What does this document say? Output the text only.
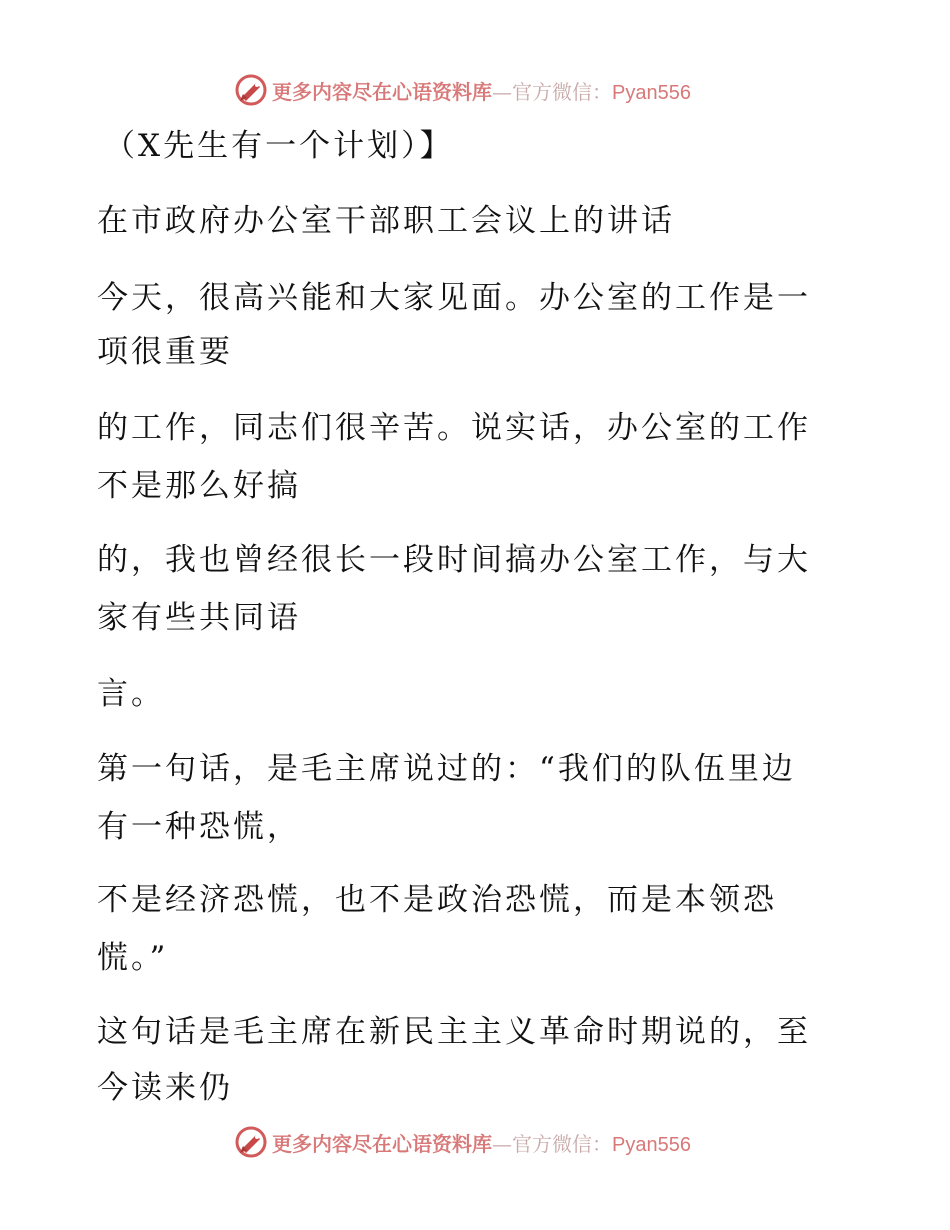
更多内容尽在心语资料库—官方微信：Pyan556
（X先生有一个计划）】
在市政府办公室干部职工会议上的讲话
今天，很高兴能和大家见面。办公室的工作是一
项很重要
的工作，同志们很辛苦。说实话，办公室的工作
不是那么好搞
的，我也曾经很长一段时间搞办公室工作，与大
家有些共同语
言。
第一句话，是毛主席说过的：“我们的队伍里边
有一种恐慌，
不是经济恐慌，也不是政治恐慌，而是本领恐
慌。”
这句话是毛主席在新民主主义革命时期说的，至
今读来仍
更多内容尽在心语资料库—官方微信：Pyan556
